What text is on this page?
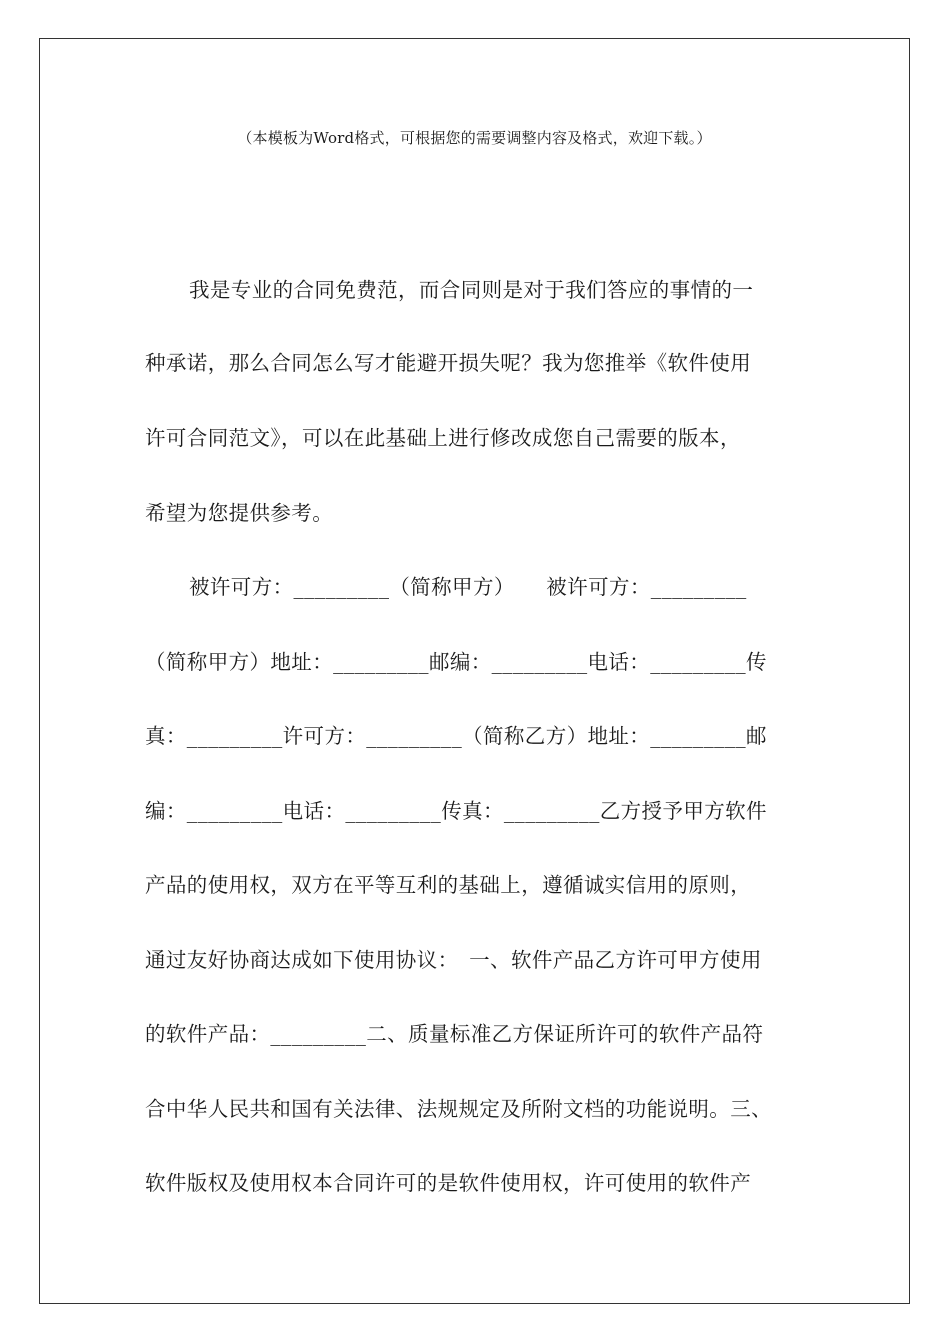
（本模板为Word格式，可根据您的需要调整内容及格式，欢迎下载。）
我是专业的合同免费范，而合同则是对于我们答应的事情的一
种承诺，那么合同怎么写才能避开损失呢？我为您推举《软件使用
许可合同范文》，可以在此基础上进行修改成您自己需要的版本，
希望为您提供参考。
被许可方：_________（简称甲方）　　被许可方：_________
（简称甲方）地址：_________邮编：_________电话：_________传
真：_________许可方：_________（简称乙方）地址：_________邮
编：_________电话：_________传真：_________乙方授予甲方软件
产品的使用权，双方在平等互利的基础上，遵循诚实信用的原则，
通过友好协商达成如下使用协议：　一、软件产品乙方许可甲方使用
的软件产品：_________二、质量标准乙方保证所许可的软件产品符
合中华人民共和国有关法律、法规规定及所附文档的功能说明。三、
软件版权及使用权本合同许可的是软件使用权，许可使用的软件产
